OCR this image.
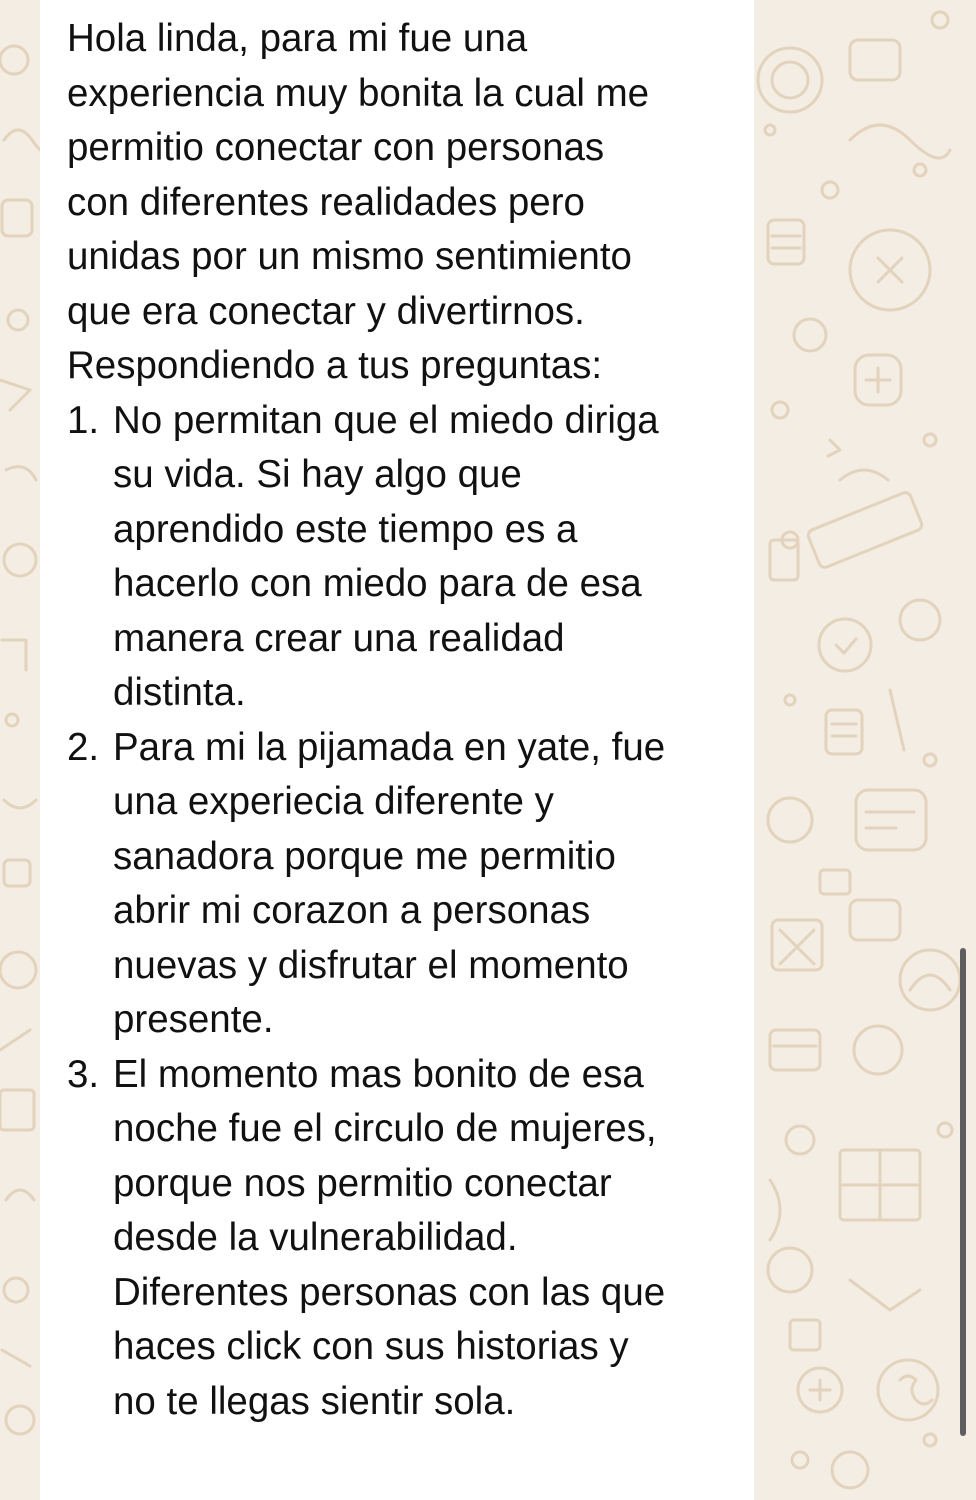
Hola linda, para mi fue una
experiencia muy bonita la cual me
permitio conectar con personas
con diferentes realidades pero
unidas por un mismo sentimiento
que era conectar y divertirnos.
Respondiendo a tus preguntas:
1. No permitan que el miedo diriga
su vida. Si hay algo que
aprendido este tiempo es a
hacerlo con miedo para de esa
manera crear una realidad
distinta.
2. Para mi la pijamada en yate, fue
una experiecia diferente y
sanadora porque me permitio
abrir mi corazon a personas
nuevas y disfrutar el momento
presente.
3. El momento mas bonito de esa
noche fue el circulo de mujeres,
porque nos permitio conectar
desde la vulnerabilidad.
Diferentes personas con las que
haces click con sus historias y
no te llegas sientir sola.
